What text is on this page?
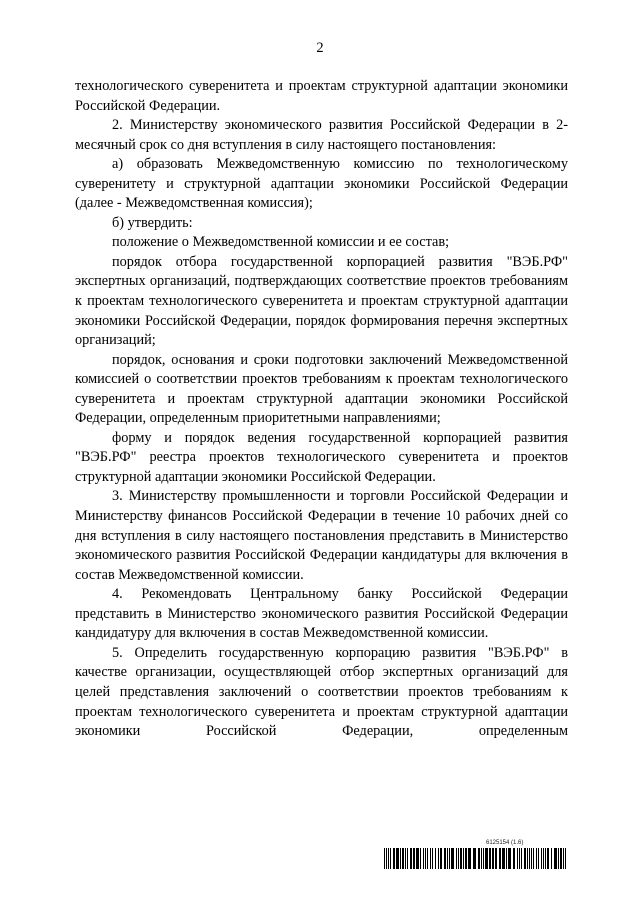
2

технологического суверенитета и проектам структурной адаптации экономики Российской Федерации.

2. Министерству экономического развития Российской Федерации в 2-месячный срок со дня вступления в силу настоящего постановления:

а) образовать Межведомственную комиссию по технологическому суверенитету и структурной адаптации экономики Российской Федерации (далее - Межведомственная комиссия);

б) утвердить:

положение о Межведомственной комиссии и ее состав;

порядок отбора государственной корпорацией развития "ВЭБ.РФ" экспертных организаций, подтверждающих соответствие проектов требованиям к проектам технологического суверенитета и проектам структурной адаптации экономики Российской Федерации, порядок формирования перечня экспертных организаций;

порядок, основания и сроки подготовки заключений Межведомственной комиссией о соответствии проектов требованиям к проектам технологического суверенитета и проектам структурной адаптации экономики Российской Федерации, определенным приоритетными направлениями;

форму и порядок ведения государственной корпорацией развития "ВЭБ.РФ" реестра проектов технологического суверенитета и проектов структурной адаптации экономики Российской Федерации.

3. Министерству промышленности и торговли Российской Федерации и Министерству финансов Российской Федерации в течение 10 рабочих дней со дня вступления в силу настоящего постановления представить в Министерство экономического развития Российской Федерации кандидатуры для включения в состав Межведомственной комиссии.

4. Рекомендовать Центральному банку Российской Федерации представить в Министерство экономического развития Российской Федерации кандидатуру для включения в состав Межведомственной комиссии.

5. Определить государственную корпорацию развития "ВЭБ.РФ" в качестве организации, осуществляющей отбор экспертных организаций для целей представления заключений о соответствии проектов требованиям к проектам технологического суверенитета и проектам структурной адаптации экономики Российской Федерации, определенным

6125154 (1.6)
